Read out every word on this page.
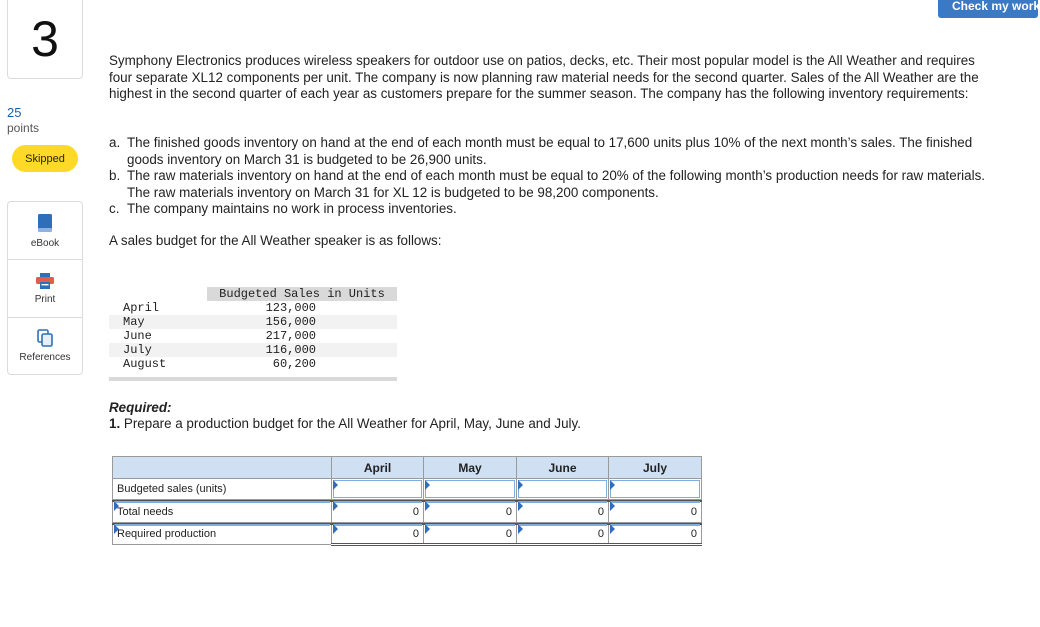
3
25
points
Skipped
eBook
Print
References
Check my work
Symphony Electronics produces wireless speakers for outdoor use on patios, decks, etc. Their most popular model is the All Weather and requires four separate XL12 components per unit. The company is now planning raw material needs for the second quarter. Sales of the All Weather are the highest in the second quarter of each year as customers prepare for the summer season. The company has the following inventory requirements:
a. The finished goods inventory on hand at the end of each month must be equal to 17,600 units plus 10% of the next month’s sales. The finished goods inventory on March 31 is budgeted to be 26,900 units.
b. The raw materials inventory on hand at the end of each month must be equal to 20% of the following month’s production needs for raw materials. The raw materials inventory on March 31 for XL 12 is budgeted to be 98,200 components.
c. The company maintains no work in process inventories.
A sales budget for the All Weather speaker is as follows:
Budgeted Sales in Units
April	123,000
May	156,000
June	217,000
July	116,000
August	60,200
Required:
1. Prepare a production budget for the All Weather for April, May, June and July.
	April	May	June	July
Budgeted sales (units)	

Total needs	0	0	0	0

Required production	0	0	0	0
